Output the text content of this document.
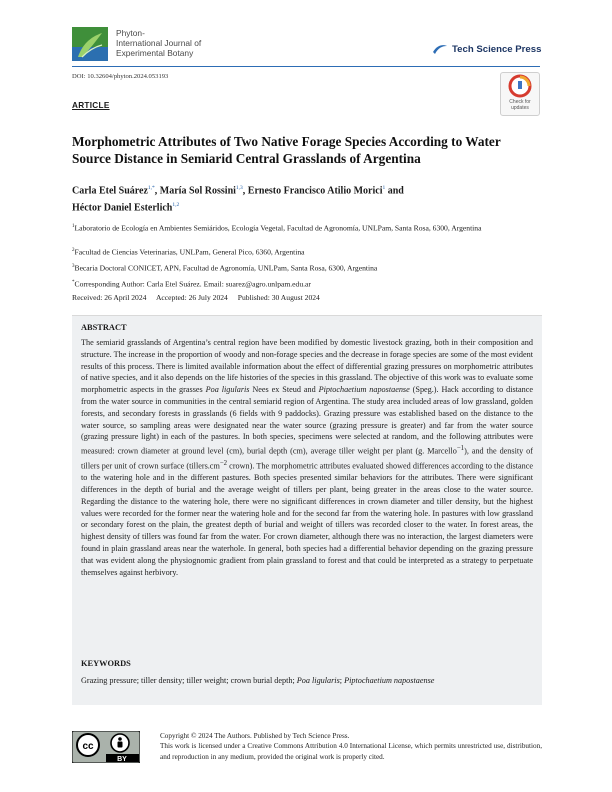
Phyton-
International Journal of
Experimental Botany	Tech Science Press
DOI: 10.32604/phyton.2024.053193
ARTICLE	Check for
updates
Morphometric Attributes of Two Native Forage Species According to Water Source Distance in Semiarid Central Grasslands of Argentina
Carla Etel Suárez$^{1,*}$, María Sol Rossini$^{1,3}$, Ernesto Francisco Atilio Morici$^1$ and
Héctor Daniel Esterlich$^{1,2}$
$^1$Laboratorio de Ecología en Ambientes Semiáridos, Ecología Vegetal, Facultad de Agronomía, UNLPam, Santa Rosa, 6300, Argentina
$^2$Facultad de Ciencias Veterinarias, UNLPam, General Pico, 6360, Argentina
$^3$Becaria Doctoral CONICET, APN, Facultad de Agronomía, UNLPam, Santa Rosa, 6300, Argentina
*Corresponding Author: Carla Etel Suárez. Email: suarez@agro.unlpam.edu.ar
Received: 26 April 2024 Accepted: 26 July 2024 Published: 30 August 2024
ABSTRACT
The semiarid grasslands of Argentina’s central region have been modified by domestic livestock grazing, both in their composition and structure. The increase in the proportion of woody and non-forage species and the decrease in forage species are some of the most evident results of this process. There is limited available information about the effect of differential grazing pressures on morphometric attributes of native species, and it also depends on the life histories of the species in this grassland. The objective of this work was to evaluate some morphometric aspects in the grasses Poa ligularis Nees ex Steud and Piptochaetium napostaense (Speg.). Hack according to distance from the water source in communities in the central semiarid region of Argentina. The study area included areas of low grassland, golden forests, and secondary forests in grasslands (6 fields with 9 paddocks). Grazing pressure was established based on the distance to the water source, so sampling areas were designated near the water source (grazing pressure is greater) and far from the water source (grazing pressure light) in each of the pastures. In both species, specimens were selected at random, and the following attributes were measured: crown diameter at ground level (cm), burial depth (cm), average tiller weight per plant (g. Marcello$^{-1}$), and the density of tillers per unit of crown surface ($tillers.cm^{-2}$ crown). The morphometric attributes evaluated showed differences according to the distance to the watering hole and in the different pastures. Both species presented similar behaviors for the attributes. There were significant differences in the depth of burial and the average weight of tillers per plant, being greater in the areas close to the water source. Regarding the distance to the watering hole, there were no significant differences in crown diameter and tiller density, but the highest values were recorded for the former near the watering hole and for the second far from the watering hole. In pastures with low grassland or secondary forest on the plain, the greatest depth of burial and weight of tillers was recorded closer to the water. In forest areas, the highest density of tillers was found far from the water. For crown diameter, although there was no interaction, the largest diameters were found in plain grassland areas near the waterhole. In general, both species had a differential behavior depending on the grazing pressure that was evident along the physiognomic gradient from plain grassland to forest and that could be interpreted as a strategy to perpetuate themselves against herbivory.
KEYWORDS
Grazing pressure; tiller density; tiller weight; crown burial depth; Poa ligularis; Piptochaetium napostaense
cc
BY
Copyright © 2024 The Authors. Published by Tech Science Press.
This work is licensed under a Creative Commons Attribution 4.0 International License, which permits unrestricted use, distribution, and reproduction in any medium, provided the original work is properly cited.
